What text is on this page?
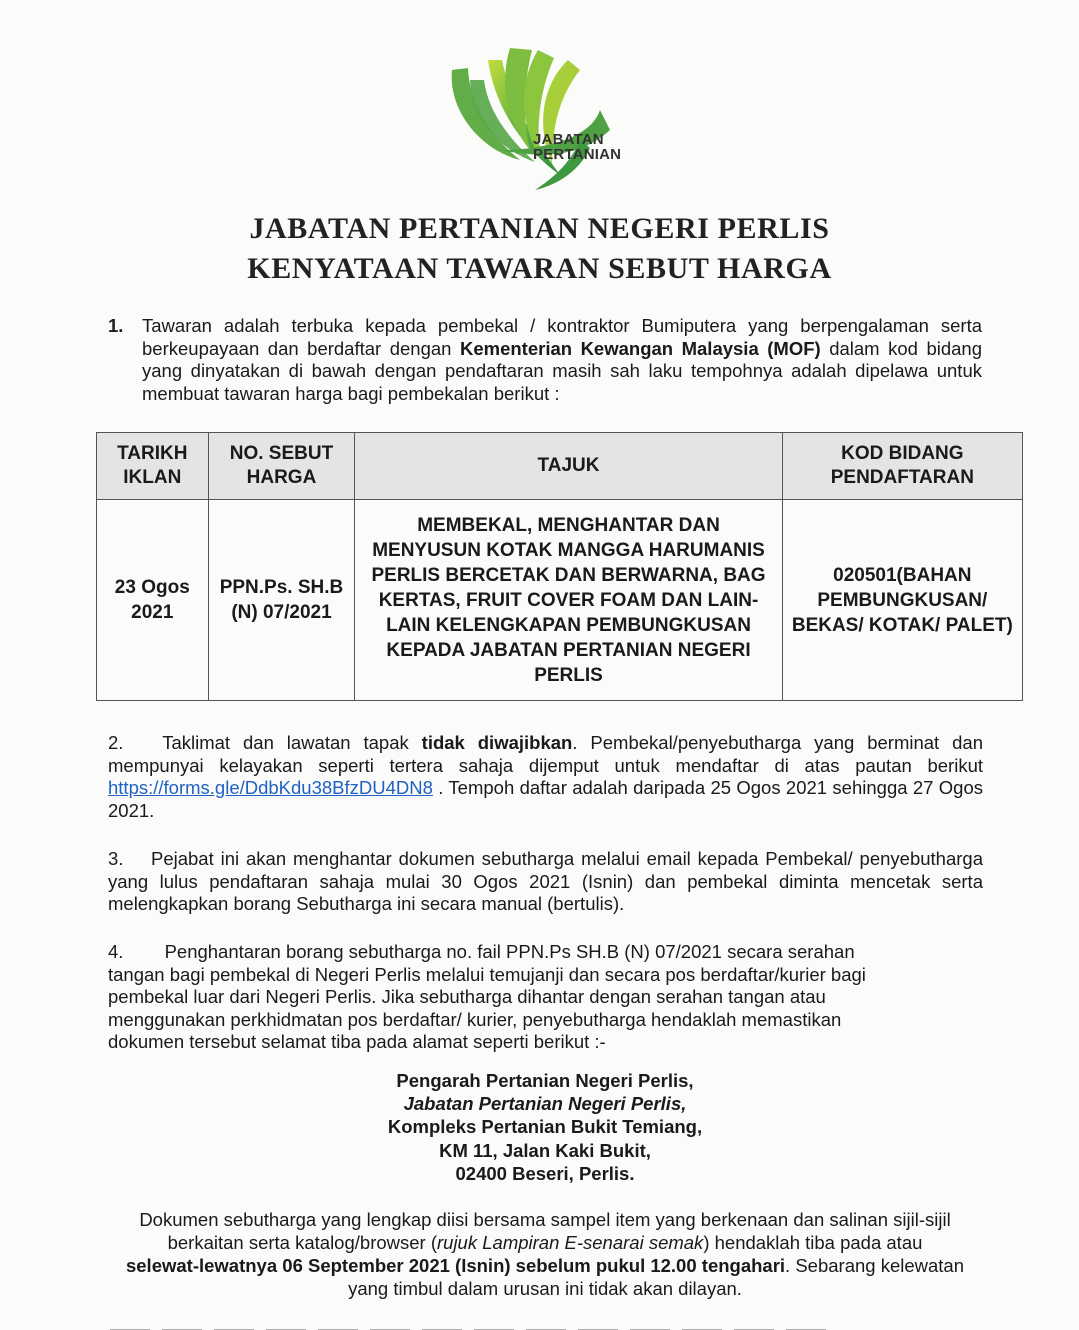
JABATAN
PERTANIAN
JABATAN PERTANIAN NEGERI PERLIS
KENYATAAN TAWARAN SEBUT HARGA
1. Tawaran adalah terbuka kepada pembekal / kontraktor Bumiputera yang berpengalaman serta berkeupayaan dan berdaftar dengan Kementerian Kewangan Malaysia (MOF) dalam kod bidang yang dinyatakan di bawah dengan pendaftaran masih sah laku tempohnya adalah dipelawa untuk membuat tawaran harga bagi pembekalan berikut :
TARIKH IKLAN	NO. SEBUT HARGA	TAJUK	KOD BIDANG PENDAFTARAN
23 Ogos 2021	PPN.Ps. SH.B (N) 07/2021	MEMBEKAL, MENGHANTAR DAN MENYUSUN KOTAK MANGGA HARUMANIS PERLIS BERCETAK DAN BERWARNA, BAG KERTAS, FRUIT COVER FOAM DAN LAIN-LAIN KELENGKAPAN PEMBUNGKUSAN KEPADA JABATAN PERTANIAN NEGERI PERLIS	020501(BAHAN PEMBUNGKUSAN/ BEKAS/ KOTAK/ PALET)
2. Taklimat dan lawatan tapak tidak diwajibkan. Pembekal/penyebutharga yang berminat dan mempunyai kelayakan seperti tertera sahaja dijemput untuk mendaftar di atas pautan berikut https://forms.gle/DdbKdu38BfzDU4DN8 . Tempoh daftar adalah daripada 25 Ogos 2021 sehingga 27 Ogos 2021.
3. Pejabat ini akan menghantar dokumen sebutharga melalui email kepada Pembekal/ penyebutharga yang lulus pendaftaran sahaja mulai 30 Ogos 2021 (Isnin) dan pembekal diminta mencetak serta melengkapkan borang Sebutharga ini secara manual (bertulis).
4. Penghantaran borang sebutharga no. fail PPN.Ps SH.B (N) 07/2021 secara serahan tangan bagi pembekal di Negeri Perlis melalui temujanji dan secara pos berdaftar/kurier bagi pembekal luar dari Negeri Perlis. Jika sebutharga dihantar dengan serahan tangan atau menggunakan perkhidmatan pos berdaftar/ kurier, penyebutharga hendaklah memastikan dokumen tersebut selamat tiba pada alamat seperti berikut :-
Pengarah Pertanian Negeri Perlis,
Jabatan Pertanian Negeri Perlis,
Kompleks Pertanian Bukit Temiang,
KM 11, Jalan Kaki Bukit,
02400 Beseri, Perlis.
Dokumen sebutharga yang lengkap diisi bersama sampel item yang berkenaan dan salinan sijil-sijil berkaitan serta katalog/browser (rujuk Lampiran E-senarai semak) hendaklah tiba pada atau
selewat-lewatnya 06 September 2021 (Isnin) sebelum pukul 12.00 tengahari. Sebarang kelewatan yang timbul dalam urusan ini tidak akan dilayan.
